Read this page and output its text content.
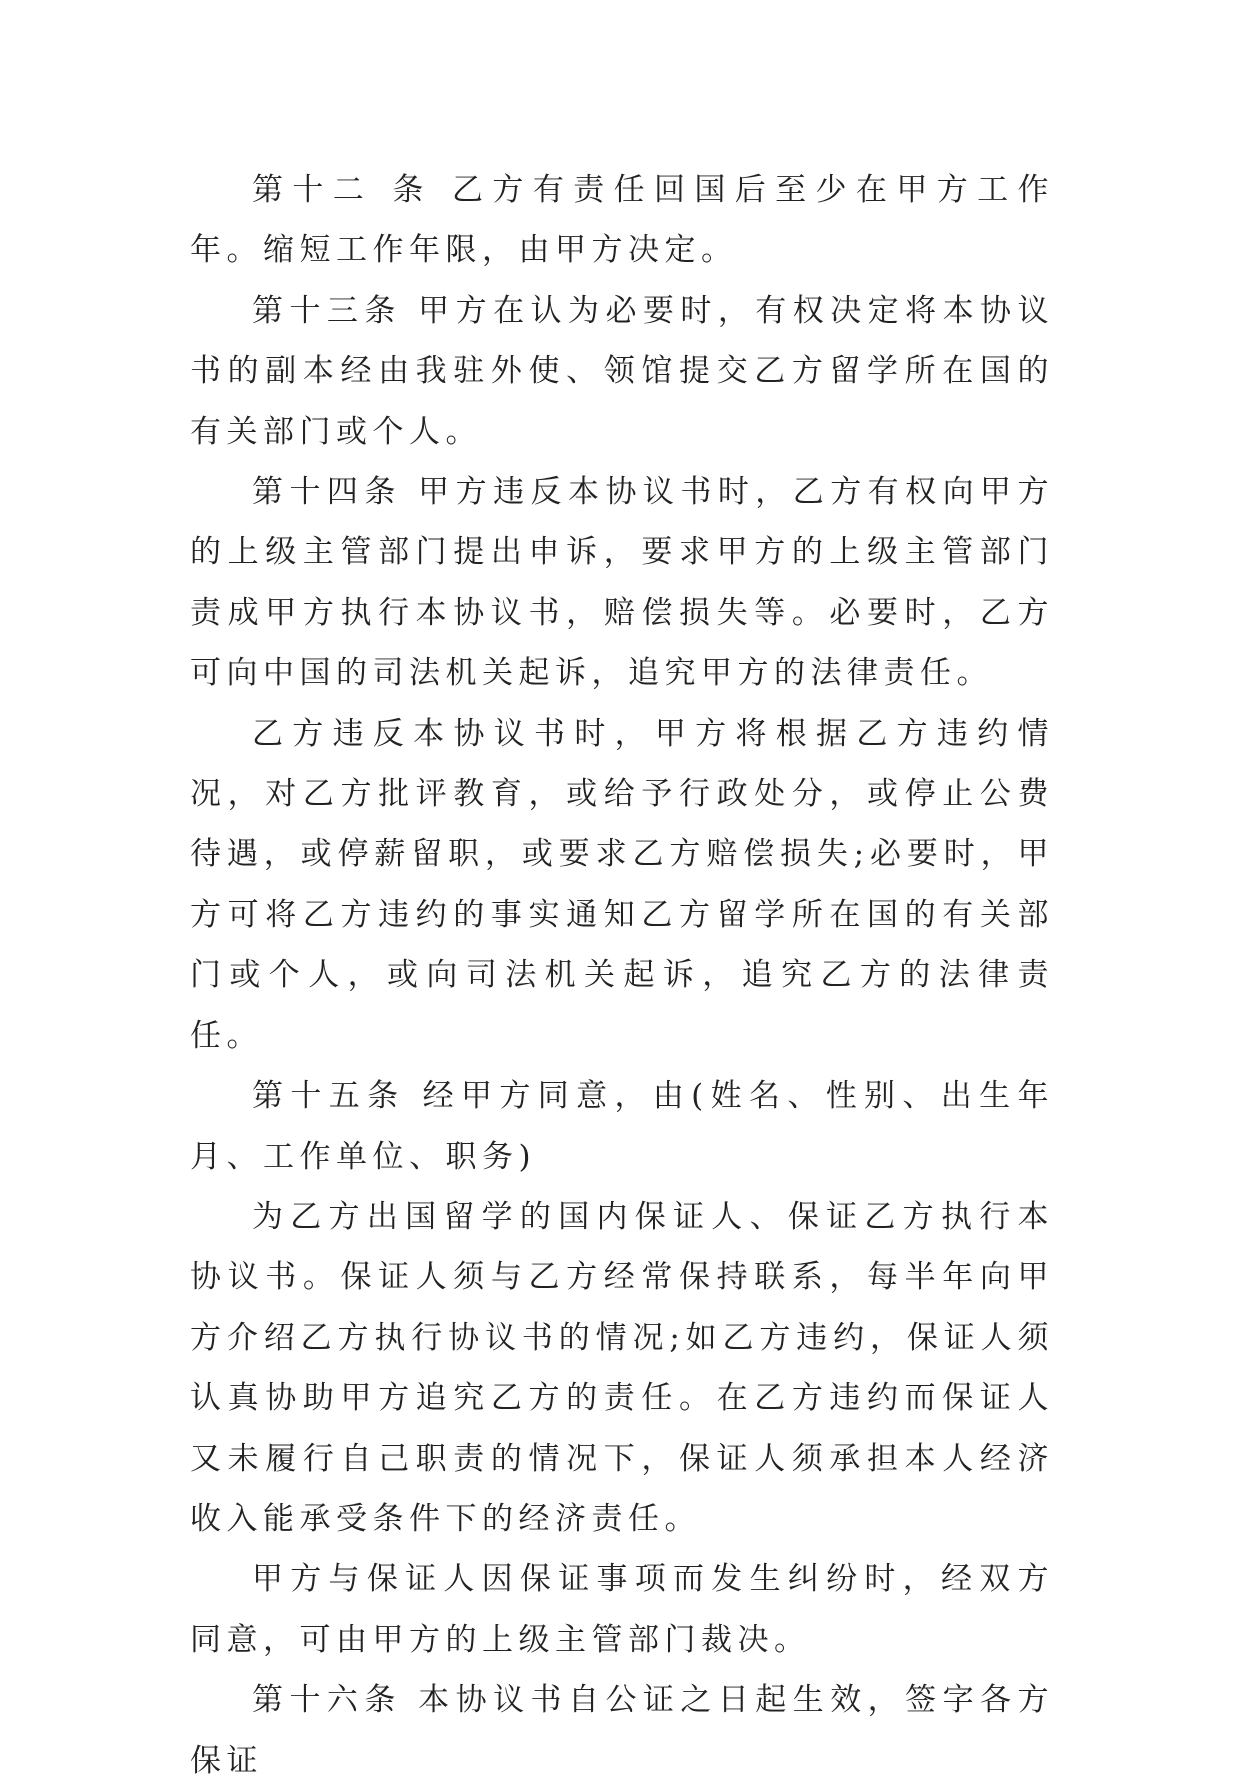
第十二 条 乙方有责任回国后至少在甲方工作　年。缩短工作年限，由甲方决定。

第十三条 甲方在认为必要时，有权决定将本协议书的副本经由我驻外使、领馆提交乙方留学所在国的有关部门或个人。

第十四条 甲方违反本协议书时，乙方有权向甲方的上级主管部门提出申诉，要求甲方的上级主管部门责成甲方执行本协议书，赔偿损失等。必要时，乙方可向中国的司法机关起诉，追究甲方的法律责任。

乙方违反本协议书时，甲方将根据乙方违约情况，对乙方批评教育，或给予行政处分，或停止公费待遇，或停薪留职，或要求乙方赔偿损失;必要时，甲方可将乙方违约的事实通知乙方留学所在国的有关部门或个人，或向司法机关起诉，追究乙方的法律责任。

第十五条 经甲方同意，由(姓名、性别、出生年月、工作单位、职务)

为乙方出国留学的国内保证人、保证乙方执行本协议书。保证人须与乙方经常保持联系，每半年向甲方介绍乙方执行协议书的情况;如乙方违约，保证人须认真协助甲方追究乙方的责任。在乙方违约而保证人又未履行自己职责的情况下，保证人须承担本人经济收入能承受条件下的经济责任。

甲方与保证人因保证事项而发生纠纷时，经双方同意，可由甲方的上级主管部门裁决。

第十六条 本协议书自公证之日起生效，签字各方保证
